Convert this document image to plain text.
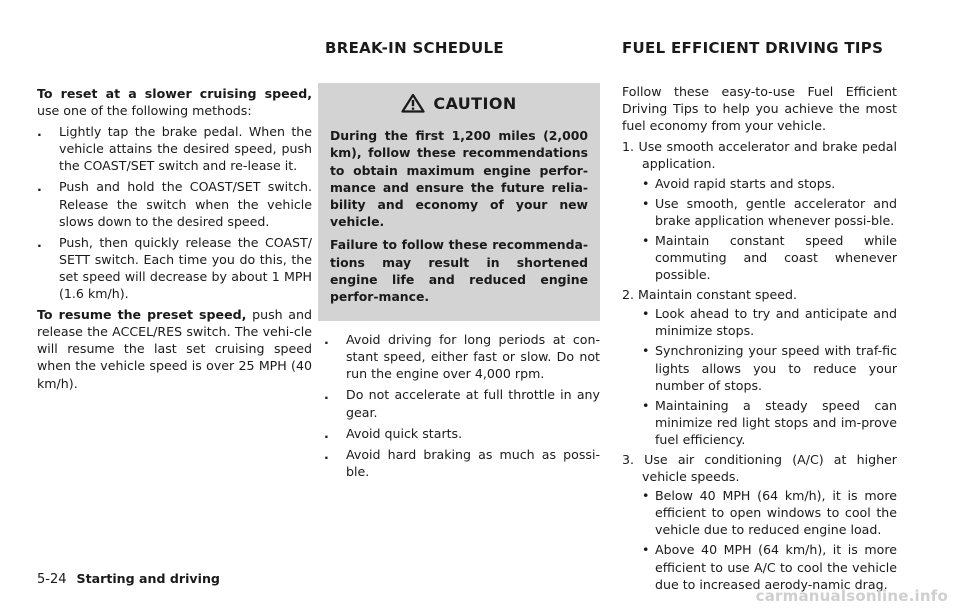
To reset at a slower cruising speed, use one of the following methods:

. Lightly tap the brake pedal. When the vehicle attains the desired speed, push the COAST/SET switch and re-lease it.
. Push and hold the COAST/SET switch. Release the switch when the vehicle slows down to the desired speed.
. Push, then quickly release the COAST/ SETT switch. Each time you do this, the set speed will decrease by about 1 MPH (1.6 km/h).

To resume the preset speed, push and release the ACCEL/RES switch. The vehi-cle will resume the last set cruising speed when the vehicle speed is over 25 MPH (40 km/h).

BREAK-IN SCHEDULE
CAUTION

During the first 1,200 miles (2,000 km), follow these recommendations to obtain maximum engine perfor-mance and ensure the future relia-bility and economy of your new vehicle.

Failure to follow these recommenda-tions may result in shortened engine life and reduced engine perfor-mance.

. Avoid driving for long periods at con-stant speed, either fast or slow. Do not run the engine over 4,000 rpm.
. Do not accelerate at full throttle in any gear.
. Avoid quick starts.
. Avoid hard braking as much as possi-ble.
FUEL EFFICIENT DRIVING TIPS

Follow these easy-to-use Fuel Efficient Driving Tips to help you achieve the most fuel economy from your vehicle.

1. Use smooth accelerator and brake pedal application.
• Avoid rapid starts and stops.
• Use smooth, gentle accelerator and brake application whenever possi-ble.
• Maintain constant speed while commuting and coast whenever possible.
2. Maintain constant speed.
• Look ahead to try and anticipate and minimize stops.
• Synchronizing your speed with traf-fic lights allows you to reduce your number of stops.
• Maintaining a steady speed can minimize red light stops and im-prove fuel efficiency.
3. Use air conditioning (A/C) at higher vehicle speeds.
• Below 40 MPH (64 km/h), it is more efficient to open windows to cool the vehicle due to reduced engine load.
• Above 40 MPH (64 km/h), it is more efficient to use A/C to cool the vehicle due to increased aerody-namic drag.
5-24 Starting and driving
carmanualsonline.info
